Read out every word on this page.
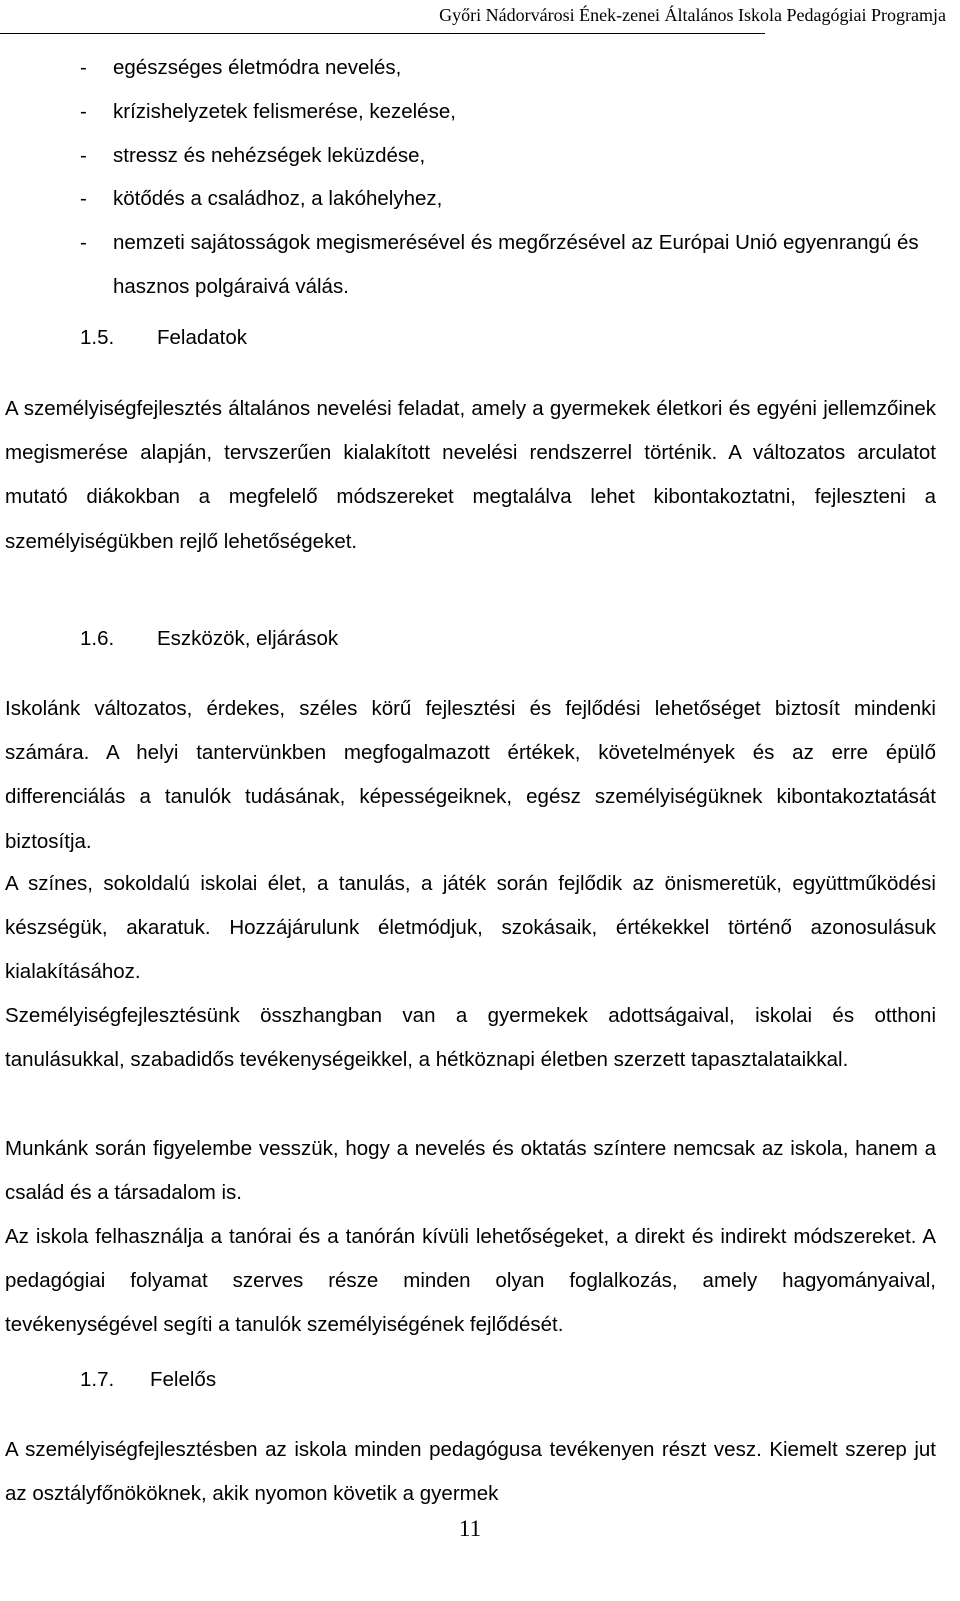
Győri Nádorvárosi Ének-zenei Általános Iskola Pedagógiai Programja
- egészséges életmódra nevelés,
- krízishelyzetek felismerése, kezelése,
- stressz és nehézségek leküzdése,
- kötődés a családhoz, a lakóhelyhez,
- nemzeti sajátosságok megismerésével és megőrzésével az Európai Unió egyenrangú és hasznos polgáraivá válás.
1.5. Feladatok

A személyiségfejlesztés általános nevelési feladat, amely a gyermekek életkori és egyéni jellemzőinek megismerése alapján, tervszerűen kialakított nevelési rendszerrel történik. A változatos arculatot mutató diákokban a megfelelő módszereket megtalálva lehet kibontakoztatni, fejleszteni a személyiségükben rejlő lehetőségeket.

1.6. Eszközök, eljárások

Iskolánk változatos, érdekes, széles körű fejlesztési és fejlődési lehetőséget biztosít mindenki számára. A helyi tantervünkben megfogalmazott értékek, követelmények és az erre épülő differenciálás a tanulók tudásának, képességeiknek, egész személyiségüknek kibontakoztatását biztosítja.

A színes, sokoldalú iskolai élet, a tanulás, a játék során fejlődik az önismeretük, együttműködési készségük, akaratuk. Hozzájárulunk életmódjuk, szokásaik, értékekkel történő azonosulásuk kialakításához.

Személyiségfejlesztésünk összhangban van a gyermekek adottságaival, iskolai és otthoni tanulásukkal, szabadidős tevékenységeikkel, a hétköznapi életben szerzett tapasztalataikkal.

Munkánk során figyelembe vesszük, hogy a nevelés és oktatás színtere nemcsak az iskola, hanem a család és a társadalom is.

Az iskola felhasználja a tanórai és a tanórán kívüli lehetőségeket, a direkt és indirekt módszereket. A pedagógiai folyamat szerves része minden olyan foglalkozás, amely hagyományaival, tevékenységével segíti a tanulók személyiségének fejlődését.

1.7. Felelős

A személyiségfejlesztésben az iskola minden pedagógusa tevékenyen részt vesz. Kiemelt szerep jut az osztályfőnököknek, akik nyomon követik a gyermek

11
